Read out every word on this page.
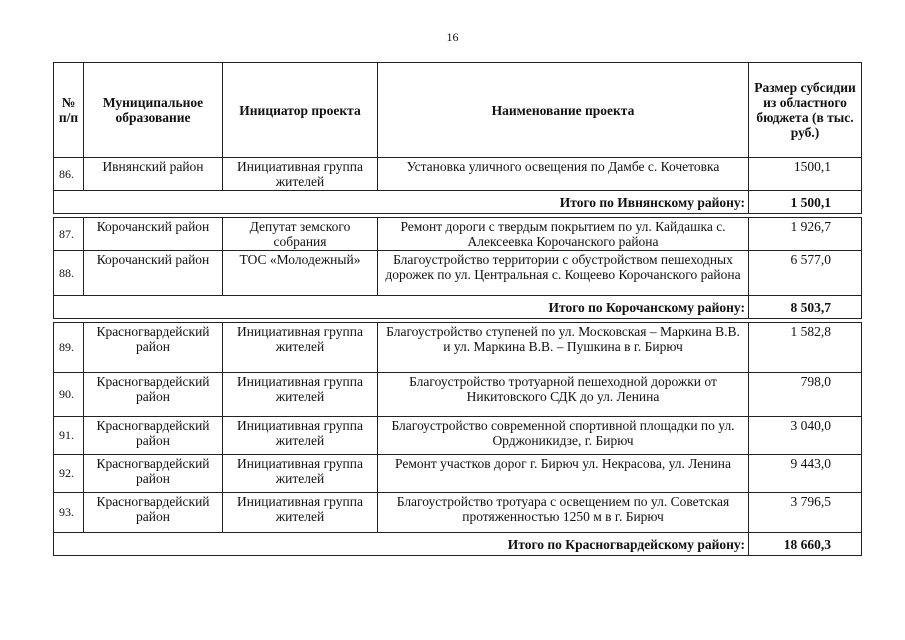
16
№ п/п	Муниципальное образование	Инициатор проекта	Наименование проекта	Размер субсидии из областного бюджета (в тыс. руб.)
86.	Ивнянский район	Инициативная группа жителей	Установка уличного освещения по Дамбе с. Кочетовка	1500,1
Итого по Ивнянскому району:				1 500,1

87.	Корочанский район	Депутат земского собрания	Ремонт дороги с твердым покрытием по ул. Кайдашка с. Алексеевка Корочанского района	1 926,7
88.	Корочанский район	ТОС «Молодежный»	Благоустройство территории с обустройством пешеходных дорожек по ул. Центральная с. Кощеево Корочанского района	6 577,0
Итого по Корочанскому району:				8 503,7

89.	Красногвардейский район	Инициативная группа жителей	Благоустройство ступеней по ул. Московская – Маркина В.В. и ул. Маркина В.В. – Пушкина в г. Бирюч	1 582,8
90.	Красногвардейский район	Инициативная группа жителей	Благоустройство тротуарной пешеходной дорожки от Никитовского СДК до ул. Ленина	798,0
91.	Красногвардейский район	Инициативная группа жителей	Благоустройство современной спортивной площадки по ул. Орджоникидзе, г. Бирюч	3 040,0
92.	Красногвардейский район	Инициативная группа жителей	Ремонт участков дорог г. Бирюч ул. Некрасова, ул. Ленина	9 443,0
93.	Красногвардейский район	Инициативная группа жителей	Благоустройство тротуара с освещением по ул. Советская протяженностью 1250 м в г. Бирюч	3 796,5
Итого по Красногвардейскому району:				18 660,3
